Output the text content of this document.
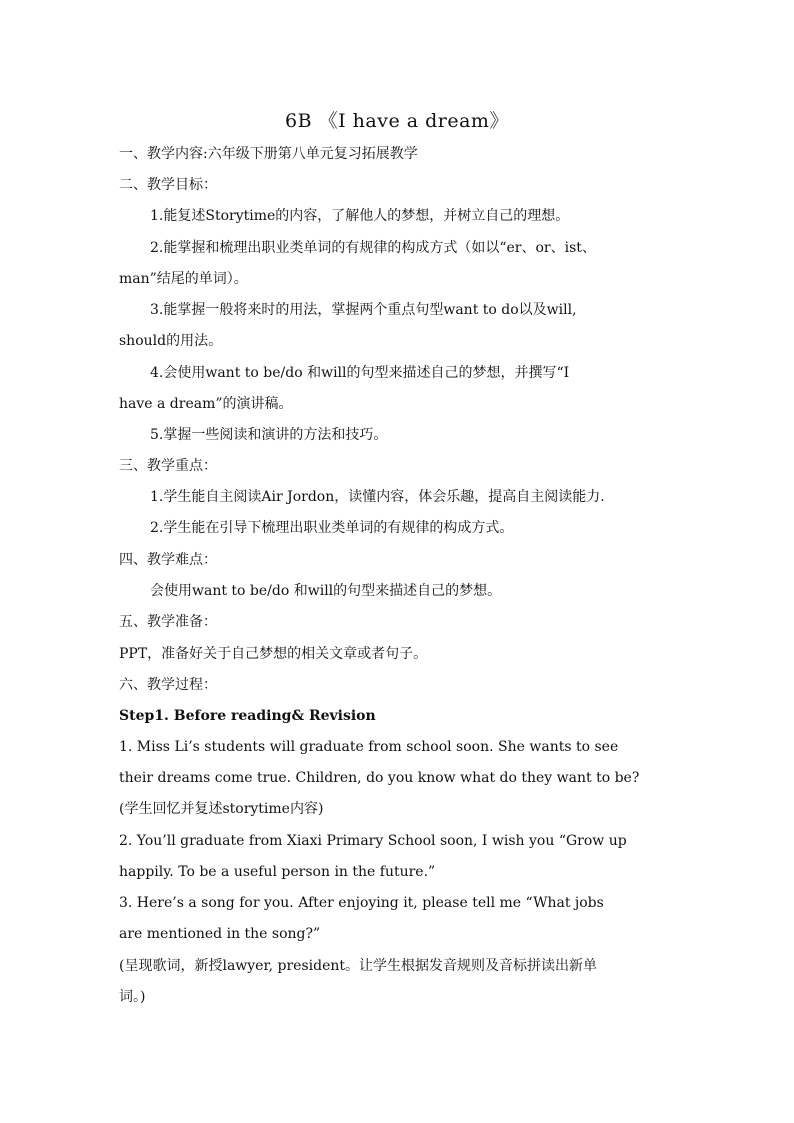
6B 《I have a dream》
一、教学内容:六年级下册第八单元复习拓展教学
二、教学目标：
1.能复述Storytime的内容，了解他人的梦想，并树立自己的理想。
2.能掌握和梳理出职业类单词的有规律的构成方式（如以“er、or、ist、
man”结尾的单词）。
3.能掌握一般将来时的用法，掌握两个重点句型want to do以及will,
should的用法。
4.会使用want to be/do 和will的句型来描述自己的梦想，并撰写“I
have a dream”的演讲稿。
5.掌握一些阅读和演讲的方法和技巧。
三、教学重点：
1.学生能自主阅读Air Jordon，读懂内容，体会乐趣，提高自主阅读能力.
2.学生能在引导下梳理出职业类单词的有规律的构成方式。
四、教学难点：
会使用want to be/do 和will的句型来描述自己的梦想。
五、教学准备：
PPT，准备好关于自己梦想的相关文章或者句子。
六、教学过程：
Step1. Before reading& Revision
1. Miss Li’s students will graduate from school soon. She wants to see
their dreams come true. Children, do you know what do they want to be?
(学生回忆并复述storytime内容)
2. You’ll graduate from Xiaxi Primary School soon, I wish you “Grow up
happily. To be a useful person in the future.”
3. Here’s a song for you. After enjoying it, please tell me “What jobs
are mentioned in the song?”
(呈现歌词，新授lawyer, president。让学生根据发音规则及音标拼读出新单
词。)
